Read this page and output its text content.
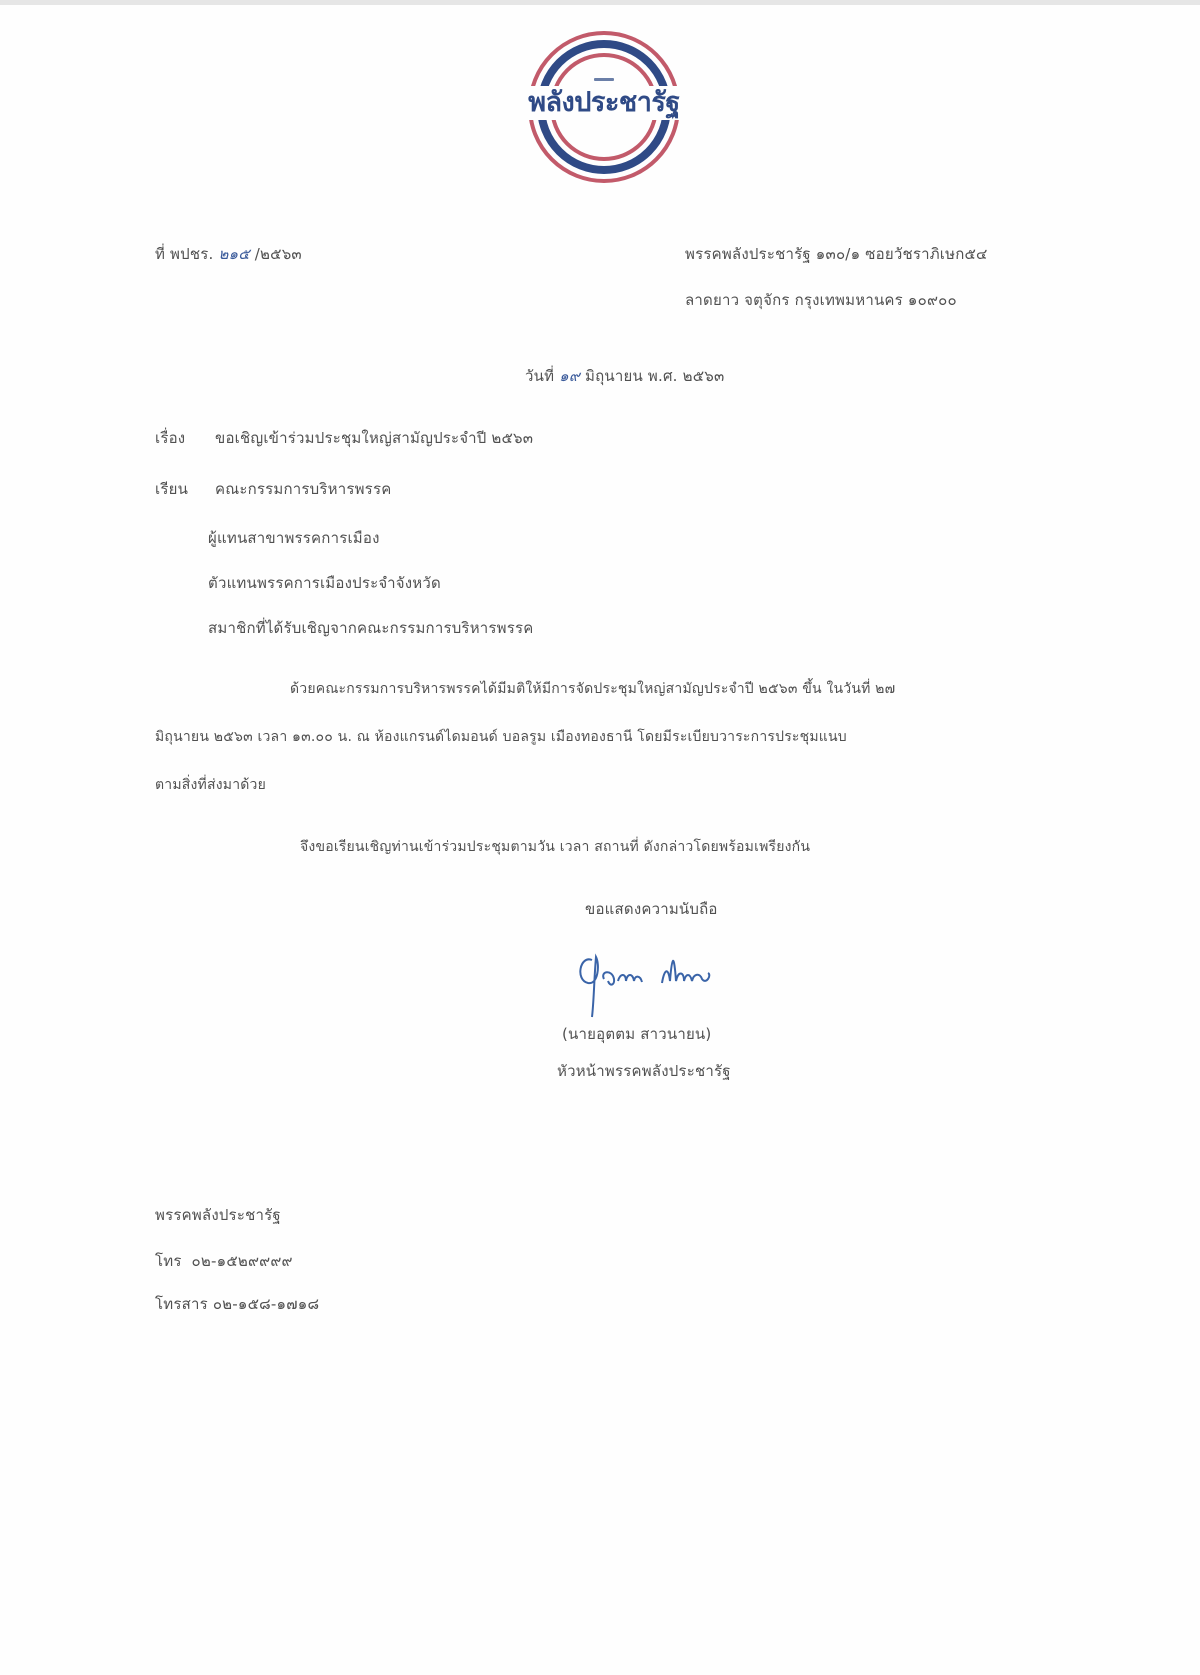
พลังประชารัฐ
ที่ พปชร. ๒๑๕ /๒๕๖๓	พรรคพลังประชารัฐ ๑๓๐/๑ ซอยวัชราภิเษก๕๔
ลาดยาว จตุจักร กรุงเทพมหานคร ๑๐๙๐๐
วันที่ ๑๙ มิถุนายน พ.ศ. ๒๕๖๓
เรื่อง ขอเชิญเข้าร่วมประชุมใหญ่สามัญประจำปี ๒๕๖๓
เรียน คณะกรรมการบริหารพรรค
ผู้แทนสาขาพรรคการเมือง
ตัวแทนพรรคการเมืองประจำจังหวัด
สมาชิกที่ได้รับเชิญจากคณะกรรมการบริหารพรรค
ด้วยคณะกรรมการบริหารพรรคได้มีมติให้มีการจัดประชุมใหญ่สามัญประจำปี ๒๕๖๓ ขึ้น ในวันที่ ๒๗
มิถุนายน ๒๕๖๓ เวลา ๑๓.๐๐ น. ณ ห้องแกรนด์ไดมอนด์ บอลรูม เมืองทองธานี โดยมีระเบียบวาระการประชุมแนบ
ตามสิ่งที่ส่งมาด้วย
จึงขอเรียนเชิญท่านเข้าร่วมประชุมตามวัน เวลา สถานที่ ดังกล่าวโดยพร้อมเพรียงกัน
ขอแสดงความนับถือ
(นายอุตตม สาวนายน)
หัวหน้าพรรคพลังประชารัฐ
พรรคพลังประชารัฐ
โทร ๐๒-๑๕๒๙๙๙๙
โทรสาร ๐๒-๑๕๘-๑๗๑๘
